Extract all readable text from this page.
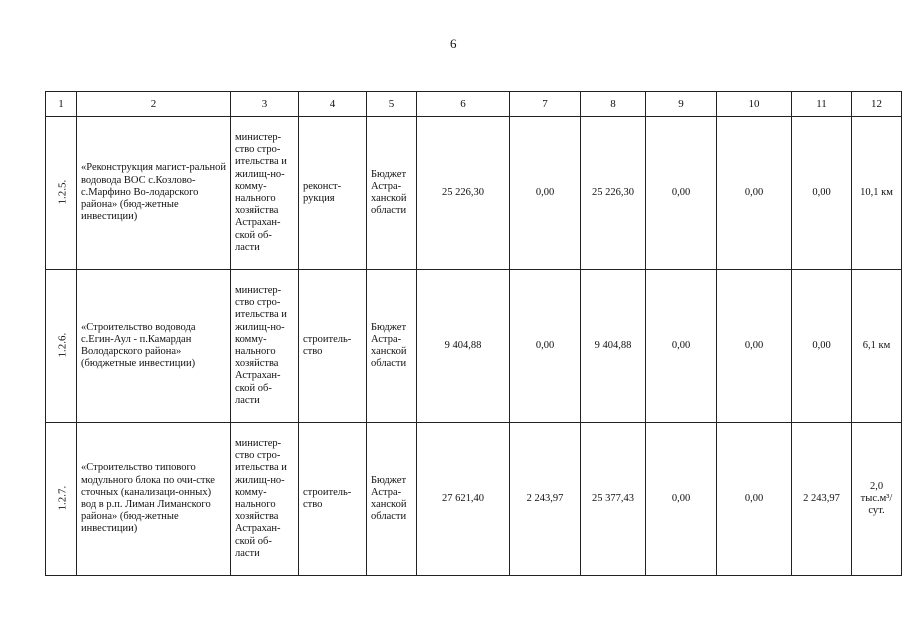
6
1	2	3	4	5	6	7	8	9	10	11	12
1.2.5.	«Реконструкция магист-ральной водовода ВОС с.Козлово-с.Марфино Во-лодарского района» (бюд-жетные инвестиции)	министер-ство стро-ительства и жилищ-но-комму-нального хозяйства Астрахан-ской об-ласти	реконст-рукция	Бюджет Астра-ханской области	25 226,30	0,00	25 226,30	0,00	0,00	0,00	10,1 км
1.2.6.	«Строительство водовода с.Егин-Аул - п.Камардан Володарского района» (бюджетные инвестиции)	министер-ство стро-ительства и жилищ-но-комму-нального хозяйства Астрахан-ской об-ласти	строитель-ство	Бюджет Астра-ханской области	9 404,88	0,00	9 404,88	0,00	0,00	0,00	6,1 км
1.2.7.	«Строительство типового модульного блока по очи-стке сточных (канализаци-онных) вод в р.п. Лиман Лиманского района» (бюд-жетные инвестиции)	министер-ство стро-ительства и жилищ-но-комму-нального хозяйства Астрахан-ской об-ласти	строитель-ство	Бюджет Астра-ханской области	27 621,40	2 243,97	25 377,43	0,00	0,00	2 243,97	2,0
тыс.м³/
сут.
